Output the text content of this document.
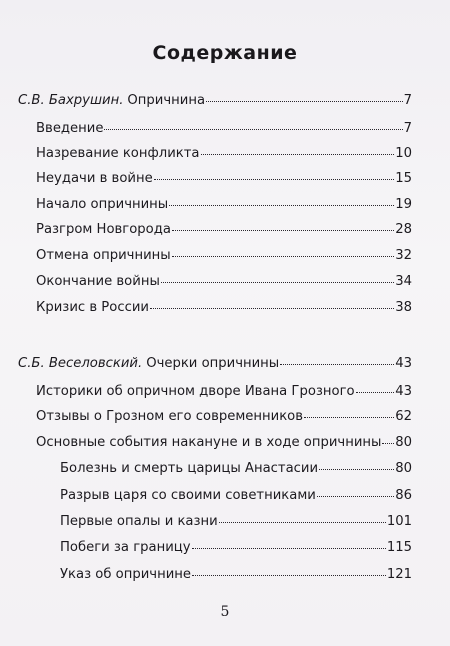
Содержание
С.В. Бахрушин. Опричнина	7
Введение	7
Назревание конфликта	10
Неудачи в войне	15
Начало опричнины	19
Разгром Новгорода	28
Отмена опричнины	32
Окончание войны	34
Кризис в России	38
С.Б. Веселовский. Очерки опричнины	43
Историки об опричном дворе Ивана Грозного	43
Отзывы о Грозном его современников	62
Основные события накануне и в ходе опричнины 80
Болезнь и смерть царицы Анастасии	80
Разрыв царя со своими советниками	86
Первые опалы и казни	101
Побеги за границу	115
Указ об опричнине	121
5
